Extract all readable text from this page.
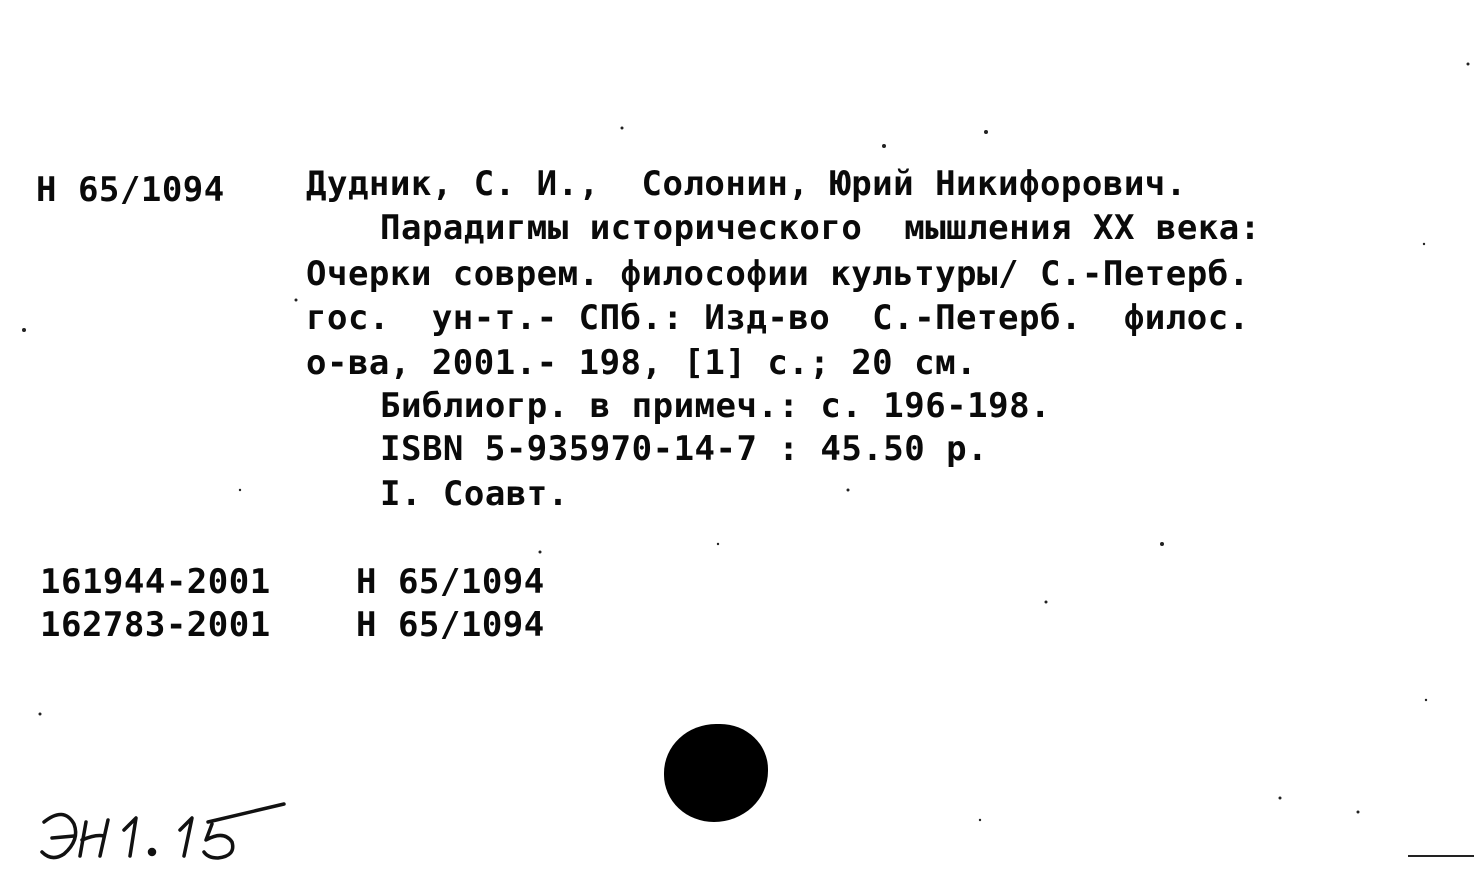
Н 65/1094 Дудник, С. И.,  Солонин, Юрий Никифорович.
Парадигмы исторического  мышления XX века:
Очерки соврем. философии культуры/ С.-Петерб.
гос.  ун-т.- СПб.: Изд-во  С.-Петерб.  филос.
о-ва, 2001.- 198, [1] с.; 20 см.
Библиогр. в примеч.: с. 196-198.
ISBN 5-935970-14-7 : 45.50 р.
I. Соавт.
161944-2001	Н 65/1094
162783-2001	Н 65/1094
